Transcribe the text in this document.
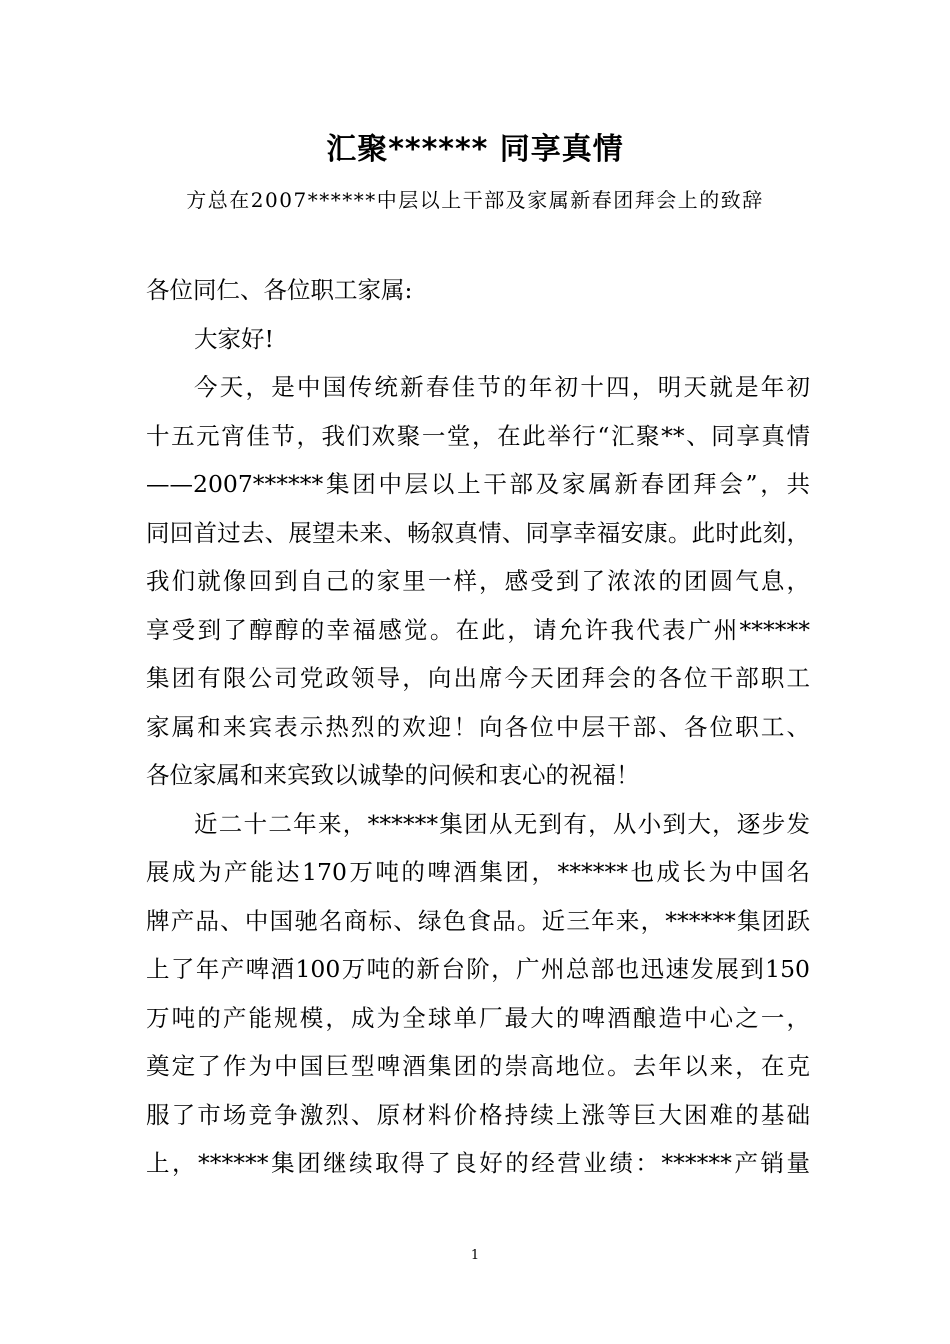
汇聚****** 同享真情
方总在2007******中层以上干部及家属新春团拜会上的致辞
各位同仁、各位职工家属:
大家好!
今天，是中国传统新春佳节的年初十四，明天就是年初
十五元宵佳节，我们欢聚一堂，在此举行“汇聚**、同享真情
——2007******集团中层以上干部及家属新春团拜会”，共
同回首过去、展望未来、畅叙真情、同享幸福安康。此时此刻，
我们就像回到自己的家里一样，感受到了浓浓的团圆气息，
享受到了醇醇的幸福感觉。在此，请允许我代表广州******
集团有限公司党政领导，向出席今天团拜会的各位干部职工
家属和来宾表示热烈的欢迎！向各位中层干部、各位职工、
各位家属和来宾致以诚挚的问候和衷心的祝福！
近二十二年来，******集团从无到有，从小到大，逐步发
展成为产能达170万吨的啤酒集团，******也成长为中国名
牌产品、中国驰名商标、绿色食品。近三年来，******集团跃
上了年产啤酒100万吨的新台阶，广州总部也迅速发展到150
万吨的产能规模，成为全球单厂最大的啤酒酿造中心之一，
奠定了作为中国巨型啤酒集团的崇高地位。去年以来，在克
服了市场竞争激烈、原材料价格持续上涨等巨大困难的基础
上，******集团继续取得了良好的经营业绩：******产销量
1
